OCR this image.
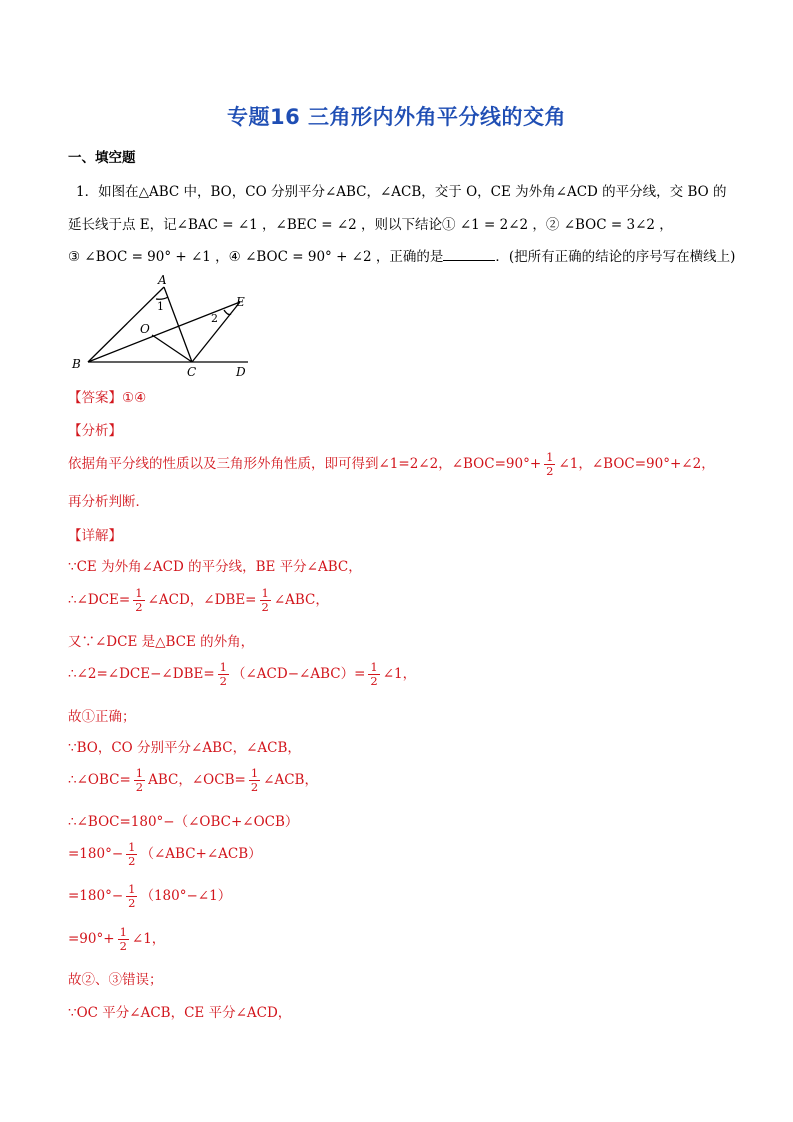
专题16 三角形内外角平分线的交角
一、填空题
1．如图在△ABC 中，BO，CO 分别平分∠ABC，∠ACB，交于 O，CE 为外角∠ACD 的平分线，交 BO 的
延长线于点 E，记∠BAC = ∠1 ，∠BEC = ∠2 ，则以下结论① ∠1 = 2∠2 ，② ∠BOC = 3∠2 ，
③ ∠BOC = 90° + ∠1 ，④ ∠BOC = 90° + ∠2 ，正确的是	．(把所有正确的结论的序号写在横线上)
A
B
C	D
E
O
1
2
【答案】①④
【分析】
依据角平分线的性质以及三角形外角性质，即可得到∠1=2∠2，∠BOC=90°+ $\frac{1}{2}$ ∠1，∠BOC=90°+∠2，
再分析判断．
【详解】
∵CE 为外角∠ACD 的平分线，BE 平分∠ABC，
∴∠DCE= $\frac{1}{2}$ ∠ACD，∠DBE= $\frac{1}{2}$ ∠ABC，
又∵∠DCE 是△BCE 的外角，
∴∠2=∠DCE−∠DBE= $\frac{1}{2}$ （∠ACD−∠ABC）= $\frac{1}{2}$ ∠1，
故①正确；
∵BO，CO 分别平分∠ABC，∠ACB，
∴∠OBC= $\frac{1}{2}$ ABC，∠OCB= $\frac{1}{2}$ ∠ACB，
∴∠BOC=180°−（∠OBC+∠OCB）
$=180^\circ- \frac{1}{2}$ （∠ABC+∠ACB）
$=180^\circ- \frac{1}{2}$ （180°−∠1）
$=90^\circ+ \frac{1}{2}$ ∠1，
故②、③错误；
∵OC 平分∠ACB，CE 平分∠ACD，
